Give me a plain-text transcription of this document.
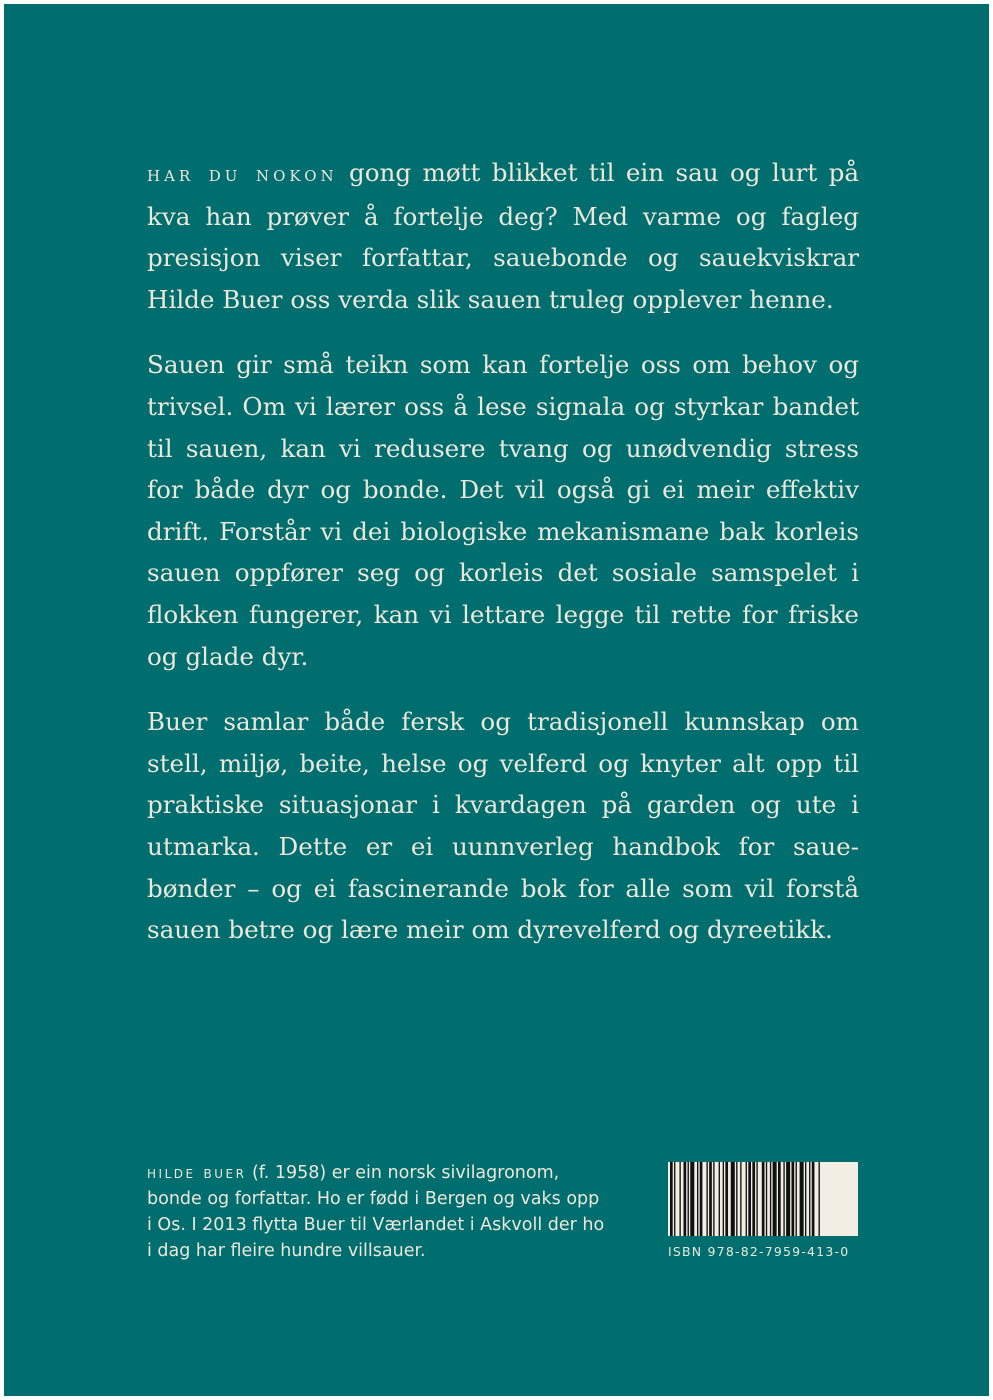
har du nokon gong møtt blikket til ein sau og lurt på kva han prøver å fortelje deg? Med varme og fagleg presisjon viser forfattar, sauebonde og sauekviskrar Hilde Buer oss verda slik sauen truleg opplever henne.

Sauen gir små teikn som kan fortelje oss om behov og trivsel. Om vi lærer oss å lese signala og styrkar bandet til sauen, kan vi redusere tvang og unødvendig stress for både dyr og bonde. Det vil også gi ei meir effektiv drift. Forstår vi dei biologiske mekanismane bak korleis sauen oppfører seg og korleis det sosiale samspelet i flokken fungerer, kan vi lettare legge til rette for friske og glade dyr.

Buer samlar både fersk og tradisjonell kunnskap om stell, miljø, beite, helse og velferd og knyter alt opp til praktiske situasjonar i kvardagen på garden og ute i utmarka. Dette er ei uunnverleg handbok for sauebønder – og ei fascinerande bok for alle som vil forstå sauen betre og lære meir om dyrevelferd og dyreetikk.

hilde buer (f. 1958) er ein norsk sivilagronom, bonde og forfattar. Ho er fødd i Bergen og vaks opp i Os. I 2013 flytta Buer til Værlandet i Askvoll der ho i dag har fleire hundre villsauer.	ISBN 978-82-7959-413-0
